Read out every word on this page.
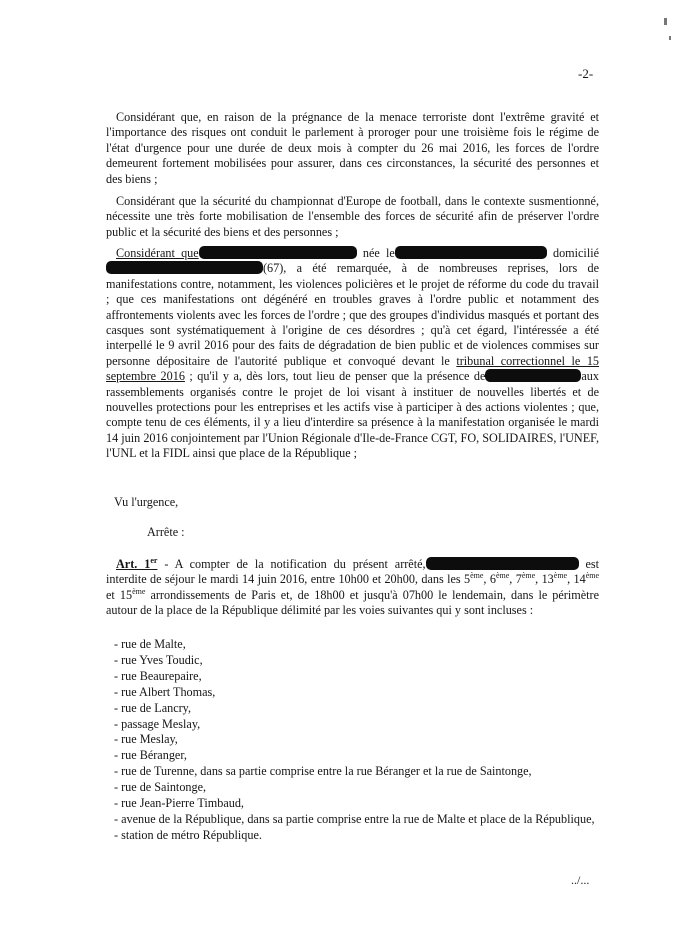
-2-

Considérant que, en raison de la prégnance de la menace terroriste dont l'extrême gravité et l'importance des risques ont conduit le parlement à proroger pour une troisième fois le régime de l'état d'urgence pour une durée de deux mois à compter du 26 mai 2016, les forces de l'ordre demeurent fortement mobilisées pour assurer, dans ces circonstances, la sécurité des personnes et des biens ;

Considérant que la sécurité du championnat d'Europe de football, dans le contexte susmentionné, nécessite une très forte mobilisation de l'ensemble des forces de sécurité afin de préserver l'ordre public et la sécurité des biens et des personnes ;

Considérant que	née le	domicilié(67), a été remarquée, à de nombreuses reprises, lors de manifestations contre, notamment, les violences policières et le projet de réforme du code du travail ; que ces manifestations ont dégénéré en troubles graves à l'ordre public et notamment des affrontements violents avec les forces de l'ordre ; que des groupes d'individus masqués et portant des casques sont systématiquement à l'origine de ces désordres ; qu'à cet égard, l'intéressée a été interpellé le 9 avril 2016 pour des faits de dégradation de bien public et de violences commises sur personne dépositaire de l'autorité publique et convoqué devant le tribunal correctionnel le 15 septembre 2016 ; qu'il y a, dès lors, tout lieu de penser que la présence de	aux rassemblements organisés contre le projet de loi visant à instituer de nouvelles libertés et de nouvelles protections pour les entreprises et les actifs vise à participer à des actions violentes ; que, compte tenu de ces éléments, il y a lieu d'interdire sa présence à la manifestation organisée le mardi 14 juin 2016 conjointement par l'Union Régionale d'Ile-de-France CGT, FO, SOLIDAIRES, l'UNEF, l'UNL et la FIDL ainsi que place de la République ;

Vu l'urgence,

Arrête :

Art. 1er - A compter de la notification du présent arrêté,	est interdite de séjour le mardi 14 juin 2016, entre 10h00 et 20h00, dans les 5ème, 6ème, 7ème, 13ème, 14ème et 15ème arrondissements de Paris et, de 18h00 et jusqu'à 07h00 le lendemain, dans le périmètre autour de la place de la République délimité par les voies suivantes qui y sont incluses :

- rue de Malte,
- rue Yves Toudic,
- rue Beaurepaire,
- rue Albert Thomas,
- rue de Lancry,
- passage Meslay,
- rue Meslay,
- rue Béranger,
- rue de Turenne, dans sa partie comprise entre la rue Béranger et la rue de Saintonge,
- rue de Saintonge,
- rue Jean-Pierre Timbaud,
- avenue de la République, dans sa partie comprise entre la rue de Malte et place de la République,
- station de métro République.
../...
